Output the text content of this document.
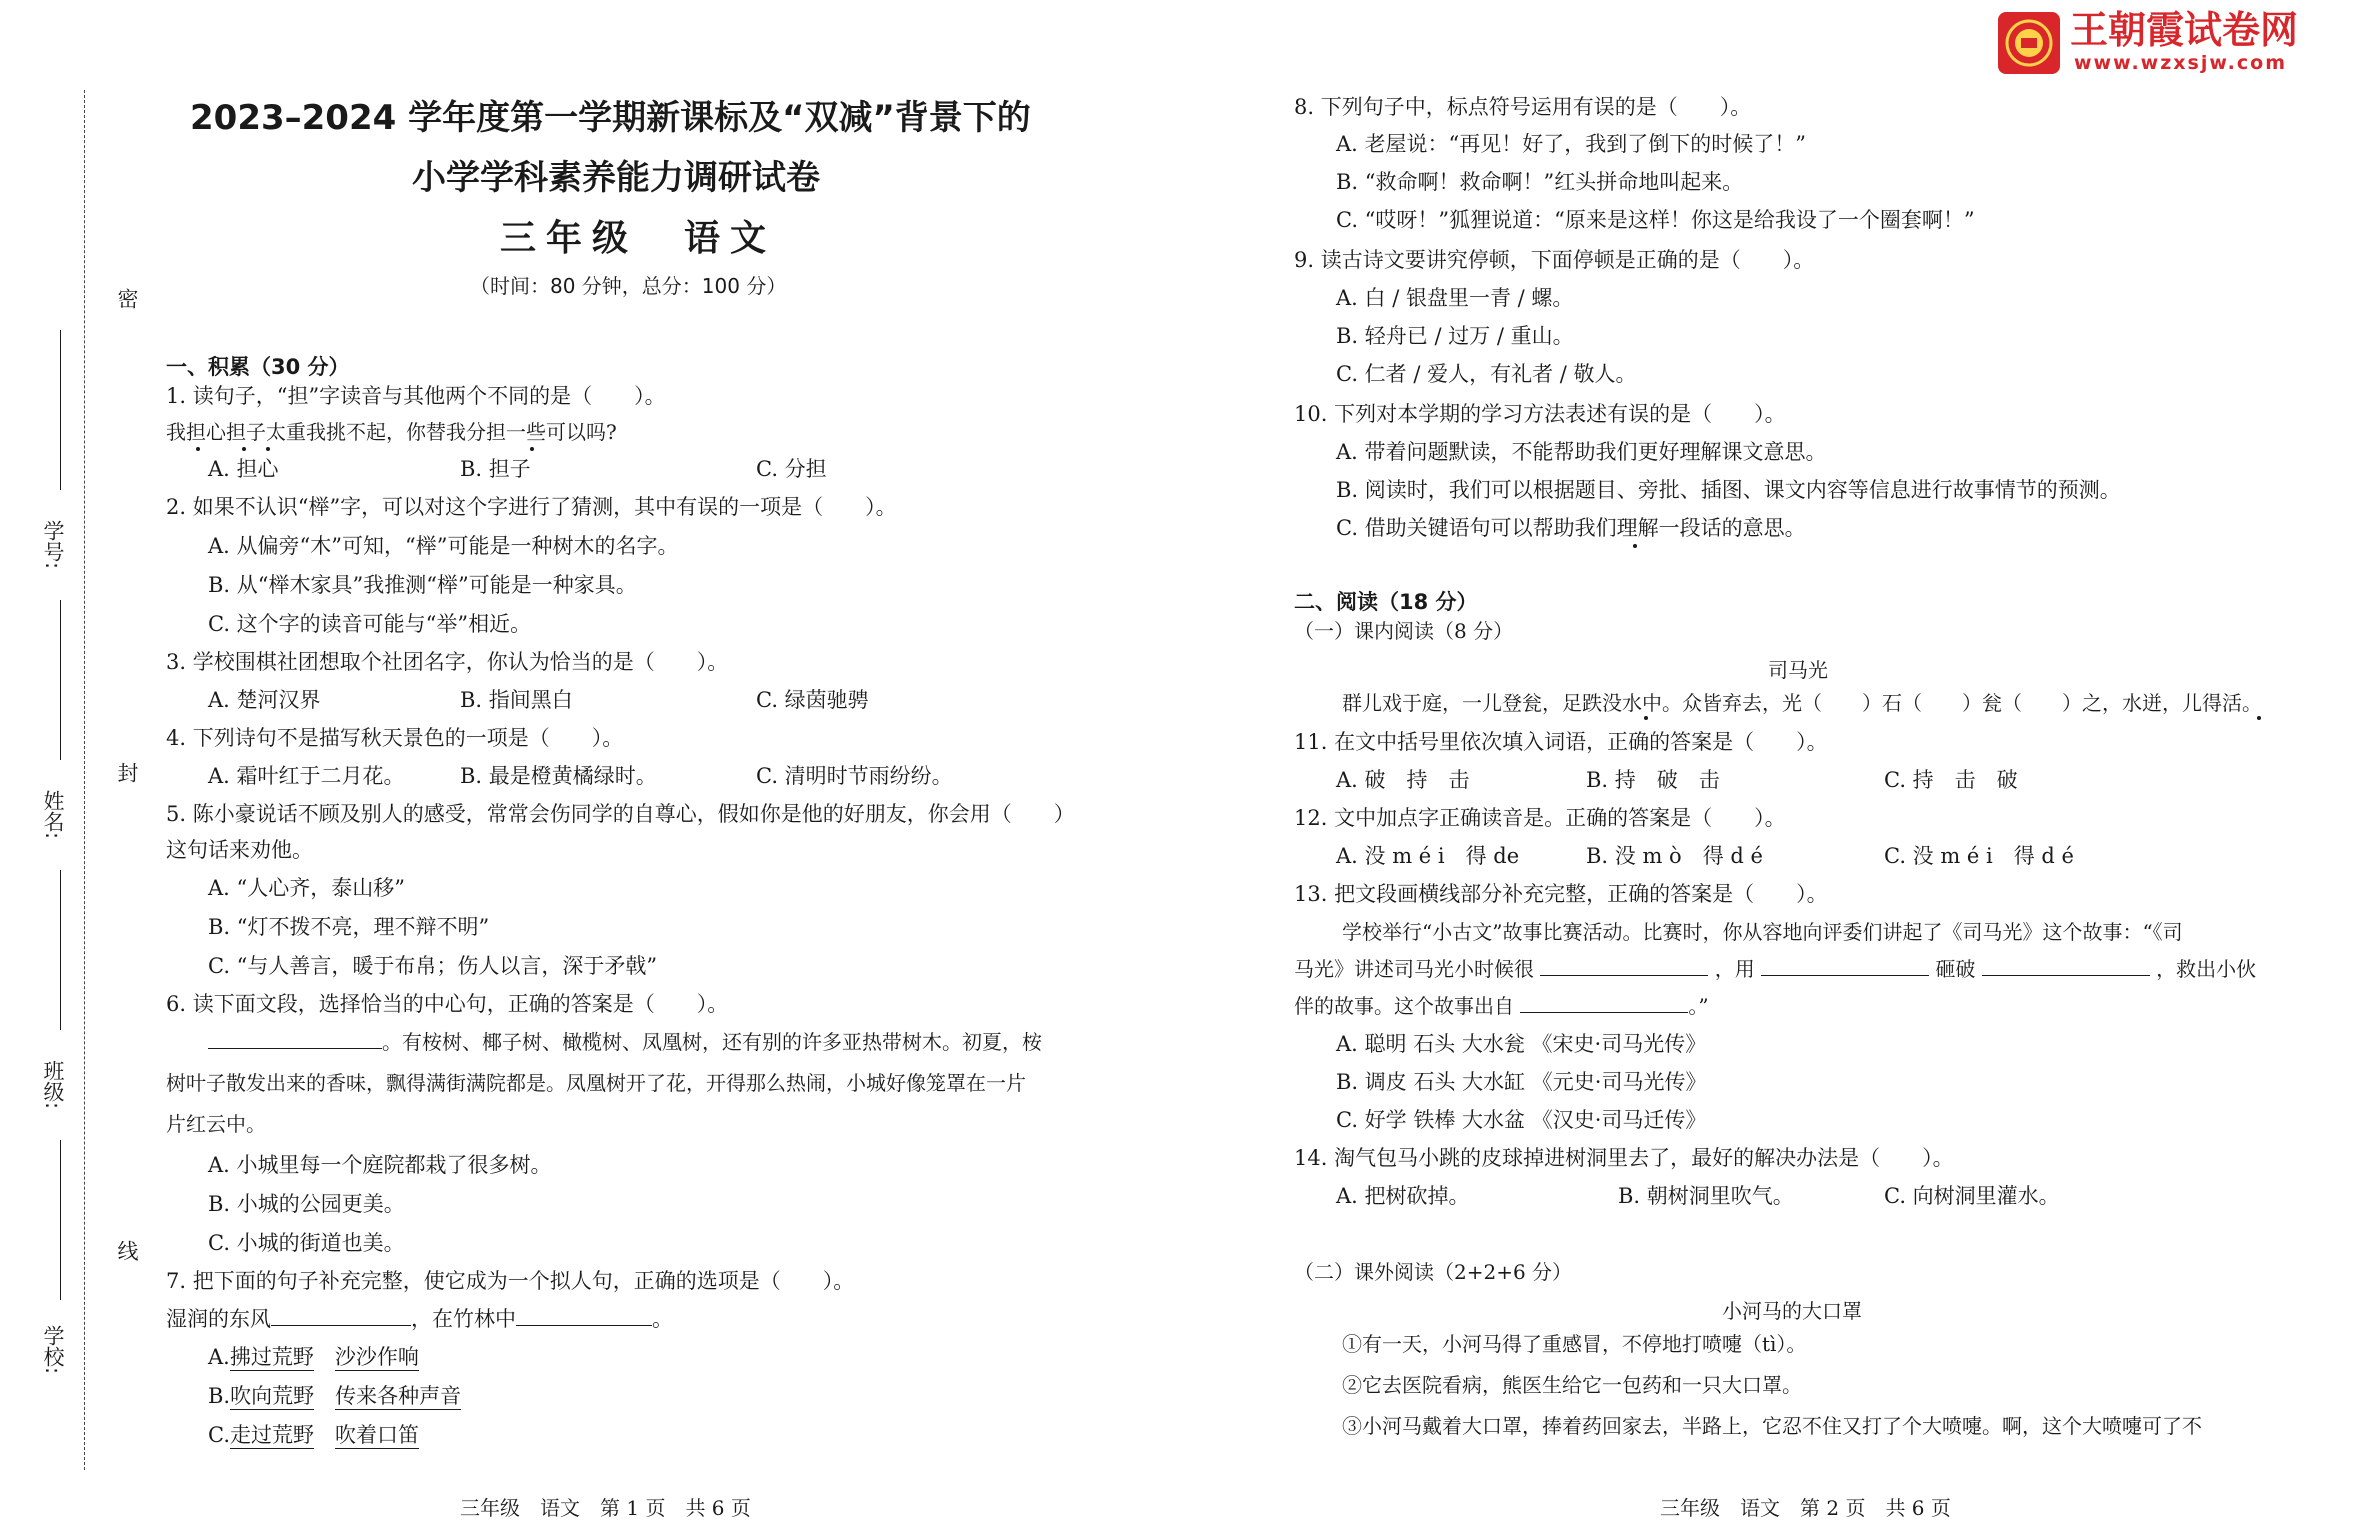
王朝霞试卷网
www.wzxsjw.com
密
封
线
学号:
姓名:
班级:
学校:
2023–2024 学年度第一学期新课标及“双减”背景下的
小学学科素养能力调研试卷
三年级　语文
（时间：80 分钟，总分：100 分）
一、积累（30 分）
1. 读句子，“担”字读音与其他两个不同的是（　　）。
我担心担子太重我挑不起，你替我分担一些可以吗?
A. 担心	B. 担子	C. 分担
2. 如果不认识“榉”字，可以对这个字进行了猜测，其中有误的一项是（　　）。
A. 从偏旁“木”可知，“榉”可能是一种树木的名字。
B. 从“榉木家具”我推测“榉”可能是一种家具。
C. 这个字的读音可能与“举”相近。
3. 学校围棋社团想取个社团名字，你认为恰当的是（　　）。
A. 楚河汉界	B. 指间黑白	C. 绿茵驰骋
4. 下列诗句不是描写秋天景色的一项是（　　）。
A. 霜叶红于二月花。	B. 最是橙黄橘绿时。	C. 清明时节雨纷纷。
5. 陈小豪说话不顾及别人的感受，常常会伤同学的自尊心，假如你是他的好朋友，你会用（　　）
这句话来劝他。
A. “人心齐，泰山移”
B. “灯不拨不亮，理不辩不明”
C. “与人善言，暖于布帛；伤人以言，深于矛戟”
6. 读下面文段，选择恰当的中心句，正确的答案是（　　）。
。有桉树、椰子树、橄榄树、凤凰树，还有别的许多亚热带树木。初夏，桉
树叶子散发出来的香味，飘得满街满院都是。凤凰树开了花，开得那么热闹，小城好像笼罩在一片
片红云中。
A. 小城里每一个庭院都栽了很多树。
B. 小城的公园更美。
C. 小城的街道也美。
7. 把下面的句子补充完整，使它成为一个拟人句，正确的选项是（　　）。
湿润的东风	，在竹林中	。
A.拂过荒野　 沙沙作响
B.吹向荒野　 传来各种声音
C.走过荒野　 吹着口笛
三年级　语文　第 1 页　共 6 页
8. 下列句子中，标点符号运用有误的是（　　）。
A. 老屋说：“再见！好了，我到了倒下的时候了！”
B. “救命啊！救命啊！”红头拼命地叫起来。
C. “哎呀！”狐狸说道：“原来是这样！你这是给我设了一个圈套啊！”
9. 读古诗文要讲究停顿，下面停顿是正确的是（　　）。
A. 白 / 银盘里一青 / 螺。
B. 轻舟已 / 过万 / 重山。
C. 仁者 / 爱人，有礼者 / 敬人。
10. 下列对本学期的学习方法表述有误的是（　　）。
A. 带着问题默读，不能帮助我们更好理解课文意思。
B. 阅读时，我们可以根据题目、旁批、插图、课文内容等信息进行故事情节的预测。
C. 借助关键语句可以帮助我们理解一段话的意思。
二、阅读（18 分）
（一）课内阅读（8 分）
司马光
群儿戏于庭，一儿登瓮，足跌没水中。众皆弃去，光（　　）石（　　）瓮（　　）之，水迸，儿得活。
11. 在文中括号里依次填入词语，正确的答案是（　　）。
A. 破　持　击	B. 持　破　击	C. 持　击　破
12. 文中加点字正确读音是。正确的答案是（　　）。
A. 没 m é i　得 de	B. 没 m ò　得 d é	C. 没 m é i　得 d é
13. 把文段画横线部分补充完整，正确的答案是（　　）。
学校举行“小古文”故事比赛活动。比赛时，你从容地向评委们讲起了《司马光》这个故事：“《司
马光》讲述司马光小时候很	，用	砸破	，救出小伙
伴的故事。这个故事出自	。”
A. 聪明 石头 大水瓮 《宋史·司马光传》
B. 调皮 石头 大水缸 《元史·司马光传》
C. 好学 铁棒 大水盆 《汉史·司马迁传》
14. 淘气包马小跳的皮球掉进树洞里去了，最好的解决办法是（　　）。
A. 把树砍掉。	B. 朝树洞里吹气。	C. 向树洞里灌水。
（二）课外阅读（2+2+6 分）
小河马的大口罩
①有一天，小河马得了重感冒，不停地打喷嚏（tì）。
②它去医院看病，熊医生给它一包药和一只大口罩。
③小河马戴着大口罩，捧着药回家去，半路上，它忍不住又打了个大喷嚏。啊，这个大喷嚏可了不
三年级　语文　第 2 页　共 6 页
